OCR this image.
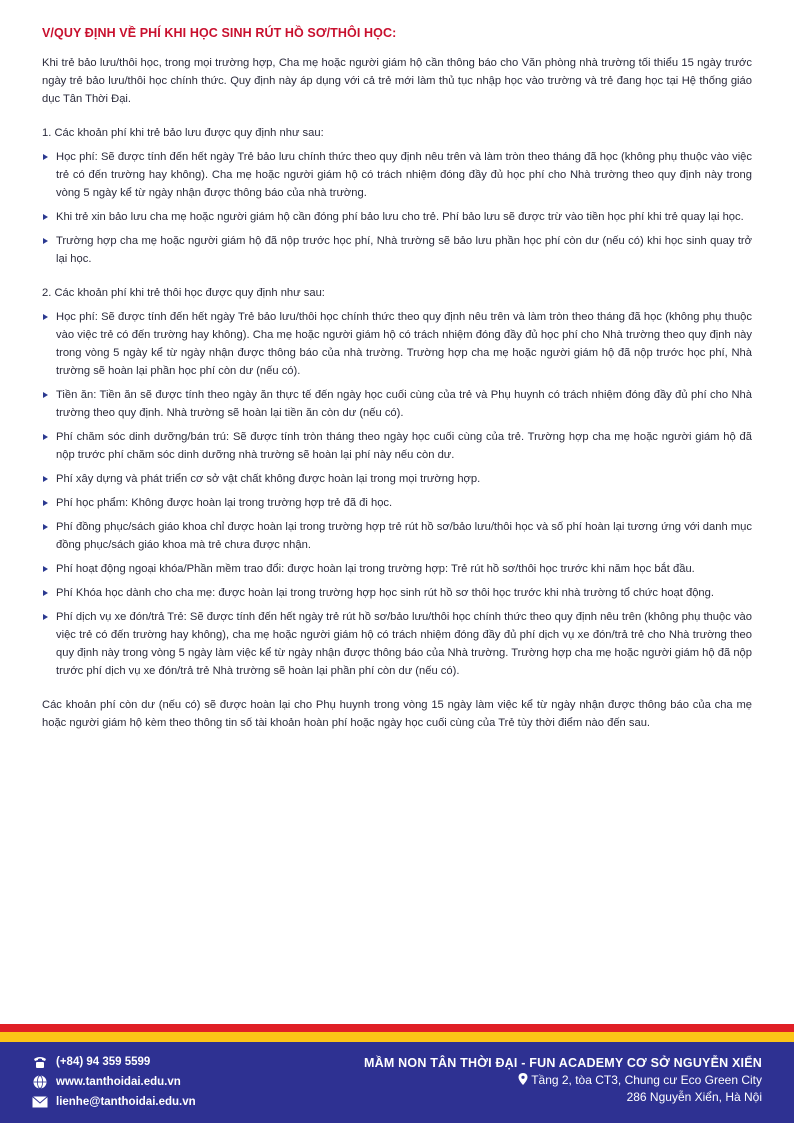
V/QUY ĐỊNH VỀ PHÍ KHI HỌC SINH RÚT HỒ SƠ/THÔI HỌC:

Khi trẻ bảo lưu/thôi học, trong mọi trường hợp, Cha mẹ hoặc người giám hộ cần thông báo cho Văn phòng nhà trường tối thiểu 15 ngày trước ngày trẻ bảo lưu/thôi học chính thức. Quy định này áp dụng với cả trẻ mới làm thủ tục nhập học vào trường và trẻ đang học tại Hệ thống giáo dục Tân Thời Đại.

1. Các khoản phí khi trẻ bảo lưu được quy định như sau:

Học phí: Sẽ được tính đến hết ngày Trẻ bảo lưu chính thức theo quy định nêu trên và làm tròn theo tháng đã học (không phụ thuộc vào việc trẻ có đến trường hay không). Cha mẹ hoặc người giám hộ có trách nhiệm đóng đầy đủ học phí cho Nhà trường theo quy định này trong vòng 5 ngày kể từ ngày nhận được thông báo của nhà trường.
Khi trẻ xin bảo lưu cha mẹ hoặc người giám hộ cần đóng phí bảo lưu cho trẻ. Phí bảo lưu sẽ được trừ vào tiền học phí khi trẻ quay lại học.
Trường hợp cha mẹ hoặc người giám hộ đã nộp trước học phí, Nhà trường sẽ bảo lưu phần học phí còn dư (nếu có) khi học sinh quay trở lại học.

2. Các khoản phí khi trẻ thôi học được quy định như sau:

Học phí: Sẽ được tính đến hết ngày Trẻ bảo lưu/thôi học chính thức theo quy định nêu trên và làm tròn theo tháng đã học (không phụ thuộc vào việc trẻ có đến trường hay không). Cha mẹ hoặc người giám hộ có trách nhiệm đóng đầy đủ học phí cho Nhà trường theo quy định này trong vòng 5 ngày kể từ ngày nhận được thông báo của nhà trường. Trường hợp cha mẹ hoặc người giám hộ đã nộp trước học phí, Nhà trường sẽ hoàn lại phần học phí còn dư (nếu có).
Tiền ăn: Tiền ăn sẽ được tính theo ngày ăn thực tế đến ngày học cuối cùng của trẻ và Phụ huynh có trách nhiệm đóng đầy đủ phí cho Nhà trường theo quy định. Nhà trường sẽ hoàn lại tiền ăn còn dư (nếu có).
Phí chăm sóc dinh dưỡng/bán trú: Sẽ được tính tròn tháng theo ngày học cuối cùng của trẻ. Trường hợp cha mẹ hoặc người giám hộ đã nộp trước phí chăm sóc dinh dưỡng nhà trường sẽ hoàn lại phí này nếu còn dư.
Phí xây dựng và phát triển cơ sở vật chất không được hoàn lại trong mọi trường hợp.
Phí học phẩm: Không được hoàn lại trong trường hợp trẻ đã đi học.
Phí đồng phục/sách giáo khoa chỉ được hoàn lại trong trường hợp trẻ rút hồ sơ/bảo lưu/thôi học và số phí hoàn lại tương ứng với danh mục đồng phục/sách giáo khoa mà trẻ chưa được nhận.
Phí hoạt động ngoại khóa/Phần mềm trao đổi: được hoàn lại trong trường hợp: Trẻ rút hồ sơ/thôi học trước khi năm học bắt đầu.
Phí Khóa học dành cho cha mẹ: được hoàn lại trong trường hợp học sinh rút hồ sơ thôi học trước khi nhà trường tổ chức hoạt động.
Phí dịch vụ xe đón/trả Trẻ: Sẽ được tính đến hết ngày trẻ rút hồ sơ/bảo lưu/thôi học chính thức theo quy định nêu trên (không phụ thuộc vào việc trẻ có đến trường hay không), cha mẹ hoặc người giám hộ có trách nhiệm đóng đầy đủ phí dịch vụ xe đón/trả trẻ cho Nhà trường theo quy định này trong vòng 5 ngày làm việc kể từ ngày nhận được thông báo của Nhà trường. Trường hợp cha mẹ hoặc người giám hộ đã nộp trước phí dịch vụ xe đón/trả trẻ Nhà trường sẽ hoàn lại phần phí còn dư (nếu có).

Các khoản phí còn dư (nếu có) sẽ được hoàn lại cho Phụ huynh trong vòng 15 ngày làm việc kể từ ngày nhận được thông báo của cha mẹ hoặc người giám hộ kèm theo thông tin số tài khoản hoàn phí hoặc ngày học cuối cùng của Trẻ tùy thời điểm nào đến sau.

(+84) 94 359 5599
www.tanthoidai.edu.vn
lienhe@tanthoidai.edu.vn
MẦM NON TÂN THỜI ĐẠI - FUN ACADEMY CƠ SỞ NGUYỄN XIỂN
Tầng 2, tòa CT3, Chung cư Eco Green City
286 Nguyễn Xiển, Hà Nội
